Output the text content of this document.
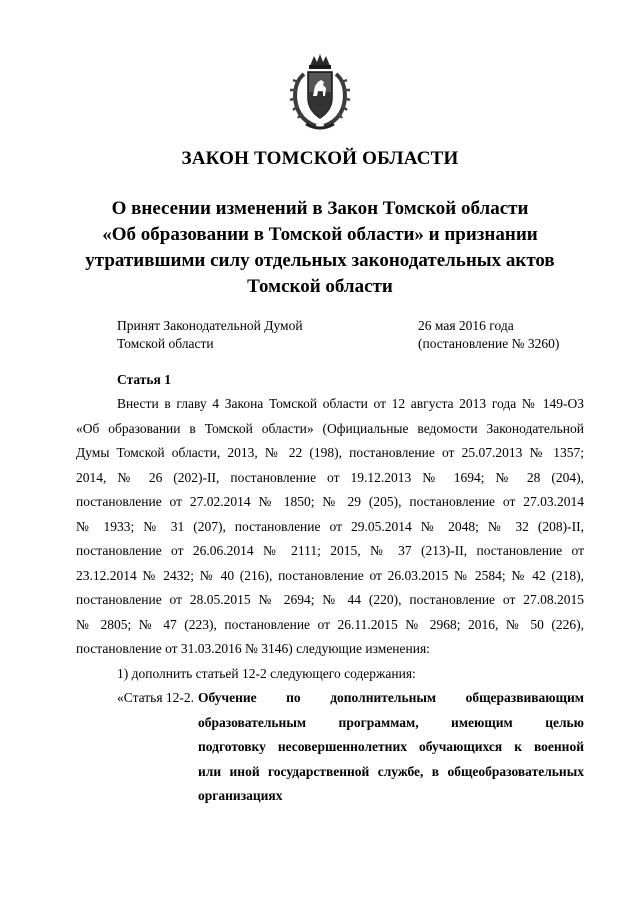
ЗАКОН ТОМСКОЙ ОБЛАСТИ
О внесении изменений в Закон Томской области
«Об образовании в Томской области» и признании
утратившими силу отдельных законодательных актов
Томской области
Принят Законодательной Думой
Томской области
26 мая 2016 года
(постановление № 3260)
Статья 1
Внести в главу 4 Закона Томской области от 12 августа 2013 года № 149-ОЗ
«Об образовании в Томской области» (Официальные ведомости Законодательной
Думы Томской области, 2013, № 22 (198), постановление от 25.07.2013 № 1357;
2014, № 26 (202)-II, постановление от 19.12.2013 № 1694; № 28 (204),
постановление от 27.02.2014 № 1850; № 29 (205), постановление от 27.03.2014
№ 1933; № 31 (207), постановление от 29.05.2014 № 2048; № 32 (208)-II,
постановление от 26.06.2014 № 2111; 2015, № 37 (213)-II, постановление от
23.12.2014 № 2432; № 40 (216), постановление от 26.03.2015 № 2584; № 42 (218),
постановление от 28.05.2015 № 2694; № 44 (220), постановление от 27.08.2015
№ 2805; № 47 (223), постановление от 26.11.2015 № 2968; 2016, № 50 (226),
постановление от 31.03.2016 № 3146) следующие изменения:
1) дополнить статьей 12-2 следующего содержания:
«Статья 12-2. Обучение по дополнительным общеразвивающим
образовательным программам, имеющим целью
подготовку несовершеннолетних обучающихся к военной
или иной государственной службе, в общеобразовательных
организациях
